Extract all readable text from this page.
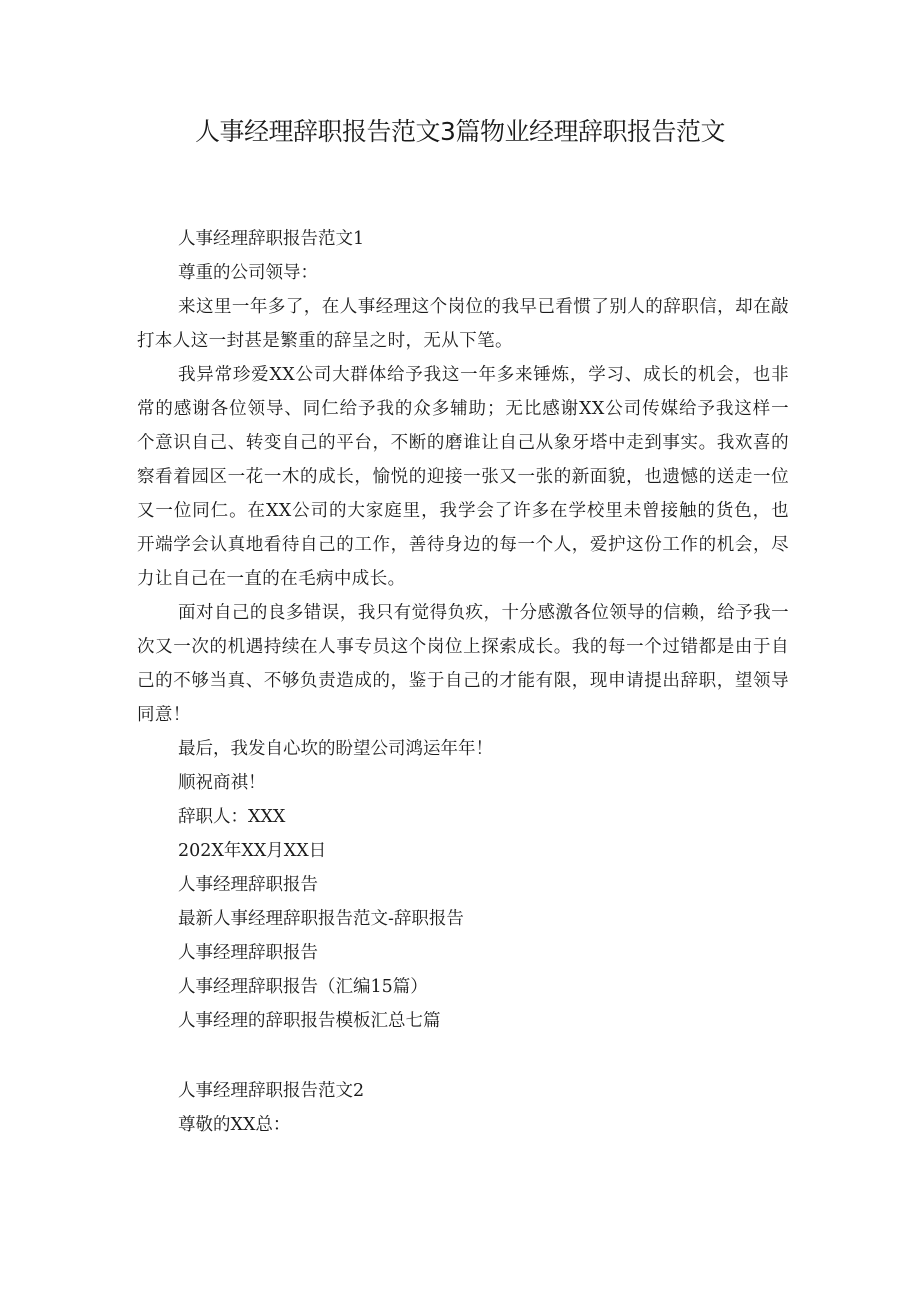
人事经理辞职报告范文3篇物业经理辞职报告范文

人事经理辞职报告范文1

尊重的公司领导：

来这里一年多了，在人事经理这个岗位的我早已看惯了别人的辞职信，却在敲打本人这一封甚是繁重的辞呈之时，无从下笔。

我异常珍爱XX公司大群体给予我这一年多来锤炼，学习、成长的机会，也非常的感谢各位领导、同仁给予我的众多辅助；无比感谢XX公司传媒给予我这样一个意识自己、转变自己的平台，不断的磨谁让自己从象牙塔中走到事实。我欢喜的察看着园区一花一木的成长，愉悦的迎接一张又一张的新面貌，也遗憾的送走一位又一位同仁。在XX公司的大家庭里，我学会了许多在学校里未曾接触的货色，也开端学会认真地看待自己的工作，善待身边的每一个人，爱护这份工作的机会，尽力让自己在一直的在毛病中成长。

面对自己的良多错误，我只有觉得负疚，十分感激各位领导的信赖，给予我一次又一次的机遇持续在人事专员这个岗位上探索成长。我的每一个过错都是由于自己的不够当真、不够负责造成的，鉴于自己的才能有限，现申请提出辞职，望领导同意！

最后，我发自心坎的盼望公司鸿运年年！

顺祝商祺！

辞职人：XXX

202X年XX月XX日

人事经理辞职报告

最新人事经理辞职报告范文-辞职报告

人事经理辞职报告

人事经理辞职报告（汇编15篇）

人事经理的辞职报告模板汇总七篇

人事经理辞职报告范文2

尊敬的XX总：
